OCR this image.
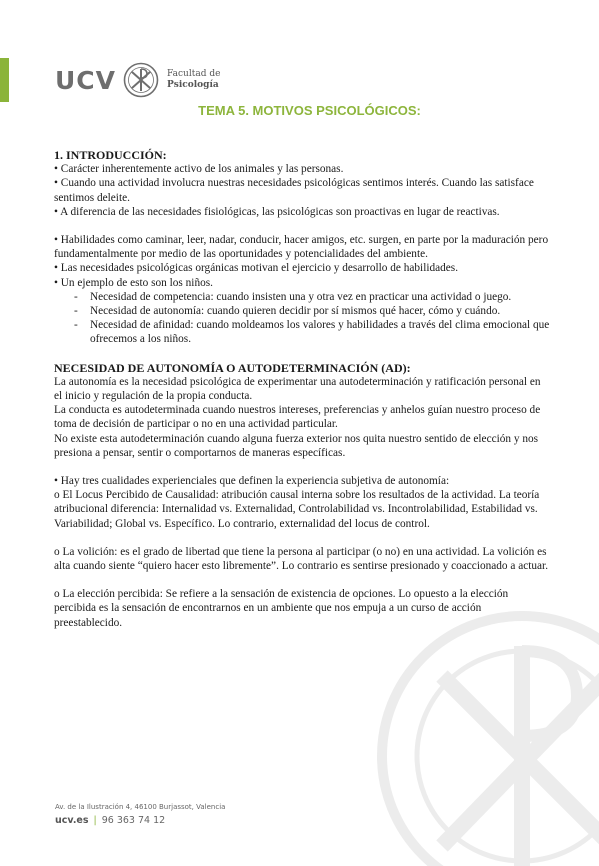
UCV	Facultad de
Psicología
TEMA 5. MOTIVOS PSICOLÓGICOS:

1. INTRODUCCIÓN:

• Carácter inherentemente activo de los animales y las personas.

• Cuando una actividad involucra nuestras necesidades psicológicas sentimos interés. Cuando las satisface sentimos deleite.

• A diferencia de las necesidades fisiológicas, las psicológicas son proactivas en lugar de reactivas.

• Habilidades como caminar, leer, nadar, conducir, hacer amigos, etc. surgen, en parte por la maduración pero fundamentalmente por medio de las oportunidades y potencialidades del ambiente.

• Las necesidades psicológicas orgánicas motivan el ejercicio y desarrollo de habilidades.

• Un ejemplo de esto son los niños.

- Necesidad de competencia: cuando insisten una y otra vez en practicar una actividad o juego.
- Necesidad de autonomía: cuando quieren decidir por sí mismos qué hacer, cómo y cuándo.
- Necesidad de afinidad: cuando moldeamos los valores y habilidades a través del clima emocional que ofrecemos a los niños.

NECESIDAD DE AUTONOMÍA O AUTODETERMINACIÓN (AD):

La autonomía es la necesidad psicológica de experimentar una autodeterminación y ratificación personal en el inicio y regulación de la propia conducta.

La conducta es autodeterminada cuando nuestros intereses, preferencias y anhelos guían nuestro proceso de toma de decisión de participar o no en una actividad particular.

No existe esta autodeterminación cuando alguna fuerza exterior nos quita nuestro sentido de elección y nos presiona a pensar, sentir o comportarnos de maneras específicas.

• Hay tres cualidades experienciales que definen la experiencia subjetiva de autonomía:

o El Locus Percibido de Causalidad: atribución causal interna sobre los resultados de la actividad. La teoría atribucional diferencia: Internalidad vs. Externalidad, Controlabilidad vs. Incontrolabilidad, Estabilidad vs. Variabilidad; Global vs. Específico. Lo contrario, externalidad del locus de control.

o La volición: es el grado de libertad que tiene la persona al participar (o no) en una actividad. La volición es alta cuando siente “quiero hacer esto libremente”. Lo contrario es sentirse presionado y coaccionado a actuar.

o La elección percibida: Se refiere a la sensación de existencia de opciones. Lo opuesto a la elección percibida es la sensación de encontrarnos en un ambiente que nos empuja a un curso de acción preestablecido.

Av. de la Ilustración 4, 46100 Burjassot, Valencia
ucv.es | 96 363 74 12
